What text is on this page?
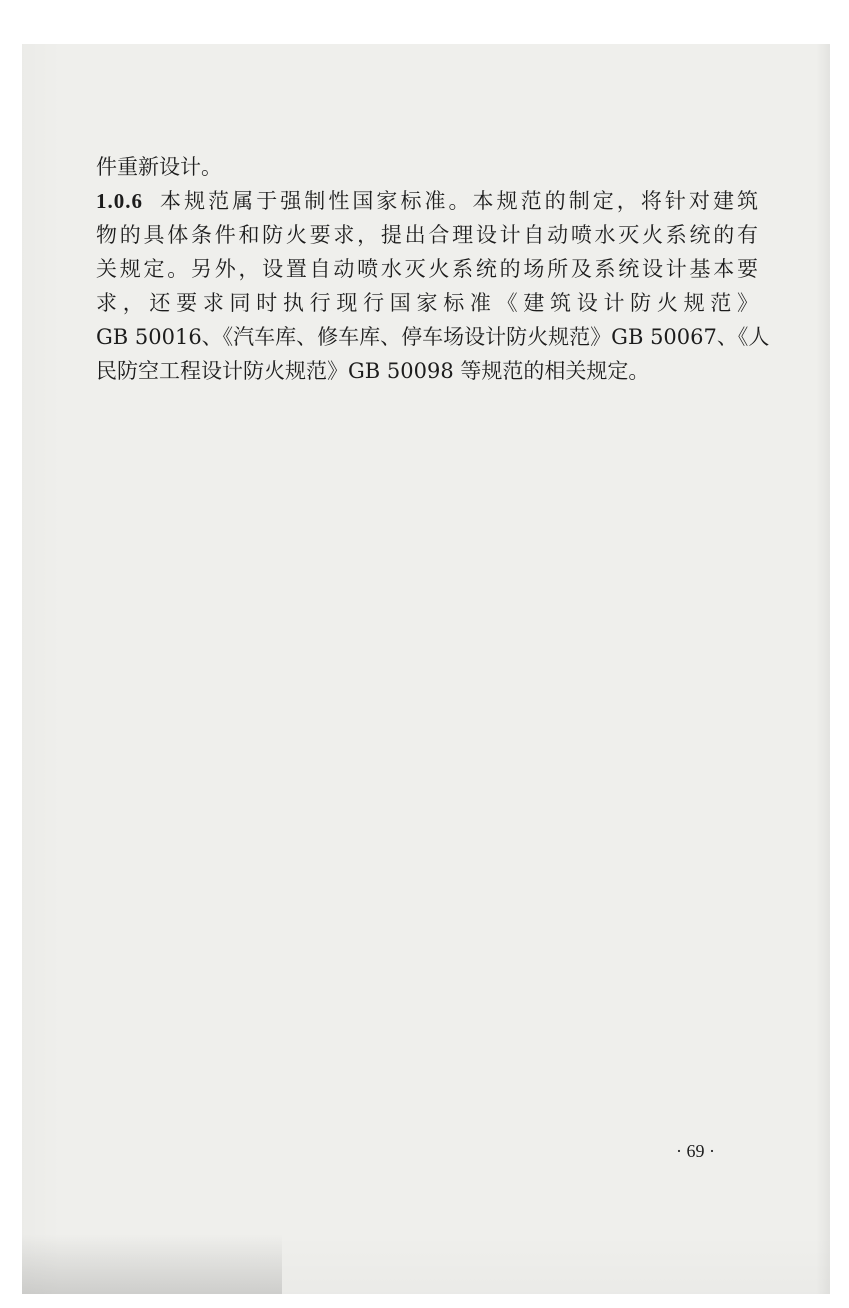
件重新设计。
1.0.6 本规范属于强制性国家标准。本规范的制定，将针对建筑
物的具体条件和防火要求，提出合理设计自动喷水灭火系统的有
关规定。另外，设置自动喷水灭火系统的场所及系统设计基本要
求，还要求同时执行现行国家标准《建筑设计防火规范》
GB 50016、《汽车库、修车库、停车场设计防火规范》GB 50067、《人
民防空工程设计防火规范》GB 50098 等规范的相关规定。
· 69 ·
